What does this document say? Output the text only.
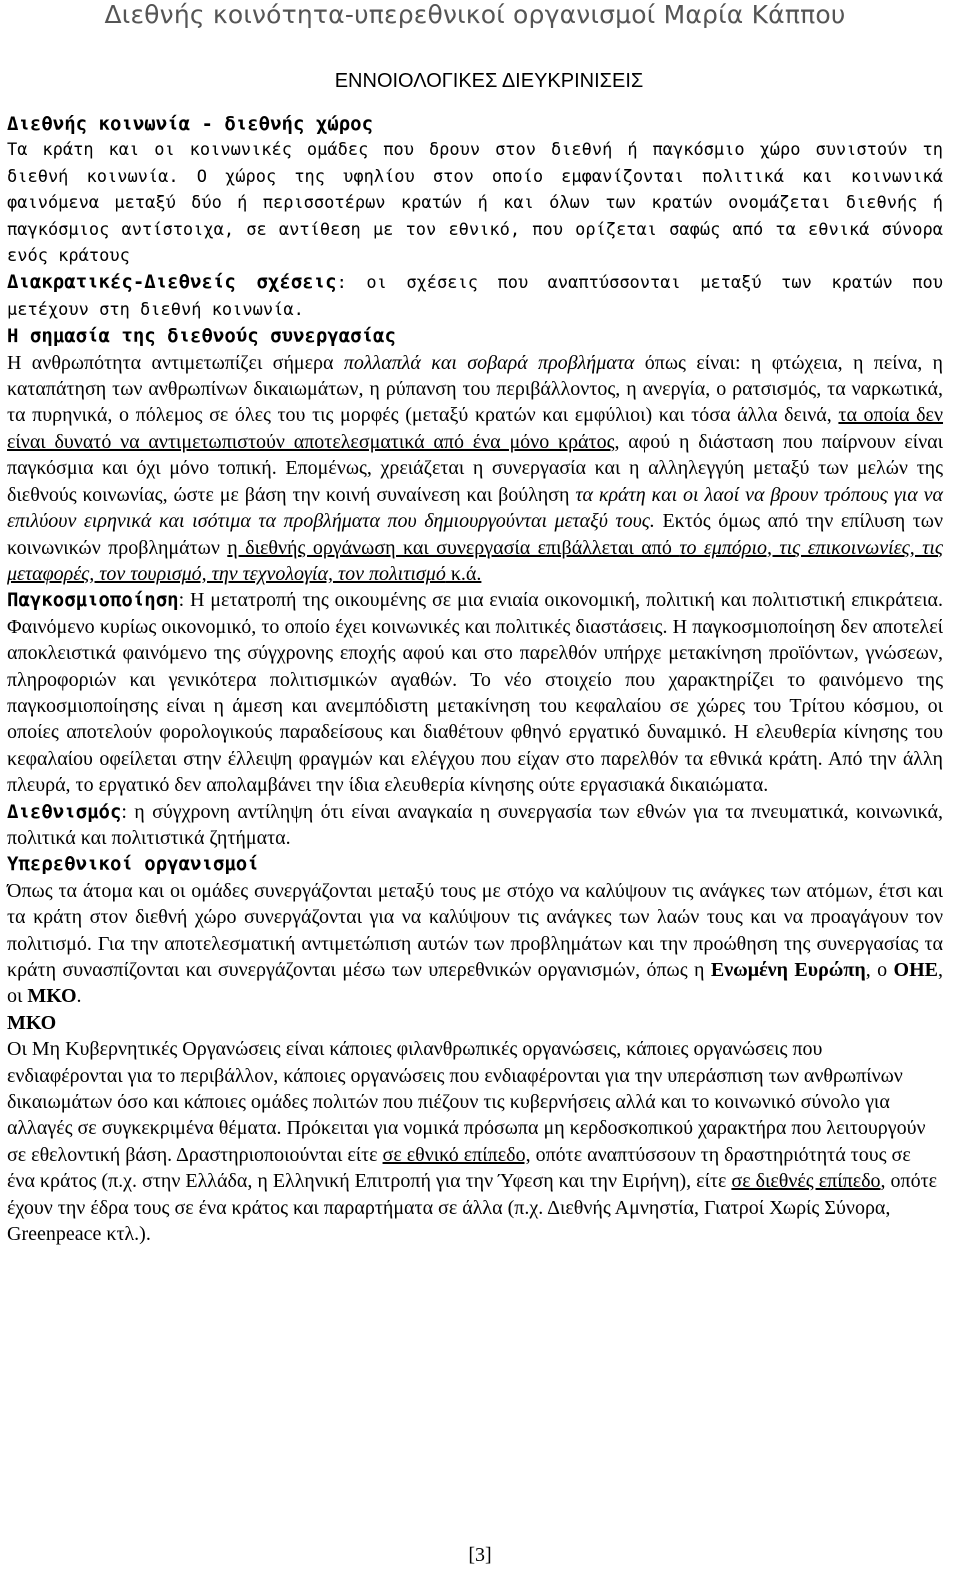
Διεθνής κοινότητα-υπερεθνικοί οργανισμοί Μαρία Κάππου
ΕΝΝΟΙΟΛΟΓΙΚΕΣ ΔΙΕΥΚΡΙΝΙΣΕΙΣ
Διεθνής κοινωνία - διεθνής χώρος

Τα κράτη και οι κοινωνικές ομάδες που δρουν στον διεθνή ή παγκόσμιο χώρο συνιστούν τη διεθνή κοινωνία. Ο χώρος της υφηλίου στον οποίο εμφανίζονται πολιτικά και κοινωνικά φαινόμενα μεταξύ δύο ή περισσοτέρων κρατών ή και όλων των κρατών ονομάζεται διεθνής ή παγκόσμιος αντίστοιχα, σε αντίθεση με τον εθνικό, που ορίζεται σαφώς από τα εθνικά σύνορα ενός κράτους

Διακρατικές-Διεθνείς σχέσεις: οι σχέσεις που αναπτύσσονται μεταξύ των κρατών που μετέχουν στη διεθνή κοινωνία.

Η σημασία της διεθνούς συνεργασίας

Η ανθρωπότητα αντιμετωπίζει σήμερα πολλαπλά και σοβαρά προβλήματα όπως είναι: η φτώχεια, η πείνα, η καταπάτηση των ανθρωπίνων δικαιωμάτων, η ρύπανση του περιβάλλοντος, η ανεργία, ο ρατσισμός, τα ναρκωτικά, τα πυρηνικά, ο πόλεμος σε όλες του τις μορφές (μεταξύ κρατών και εμφύλιοι) και τόσα άλλα δεινά, τα οποία δεν είναι δυνατό να αντιμετωπιστούν αποτελεσματικά από ένα μόνο κράτος, αφού η διάσταση που παίρνουν είναι παγκόσμια και όχι μόνο τοπική. Επομένως, χρειάζεται η συνεργασία και η αλληλεγγύη μεταξύ των μελών της διεθνούς κοινωνίας, ώστε με βάση την κοινή συναίνεση και βούληση τα κράτη και οι λαοί να βρουν τρόπους για να επιλύουν ειρηνικά και ισότιμα τα προβλήματα που δημιουργούνται μεταξύ τους. Εκτός όμως από την επίλυση των κοινωνικών προβλημάτων η διεθνής οργάνωση και συνεργασία επιβάλλεται από το εμπόριο, τις επικοινωνίες, τις μεταφορές, τον τουρισμό, την τεχνολογία, τον πολιτισμό κ.ά.

Παγκοσμιοποίηση: Η μετατροπή της οικουμένης σε μια ενιαία οικονομική, πολιτική και πολιτιστική επικράτεια. Φαινόμενο κυρίως οικονομικό, το οποίο έχει κοινωνικές και πολιτικές διαστάσεις. Η παγκοσμιοποίηση δεν αποτελεί αποκλειστικά φαινόμενο της σύγχρονης εποχής αφού και στο παρελθόν υπήρχε μετακίνηση προϊόντων, γνώσεων, πληροφοριών και γενικότερα πολιτισμικών αγαθών. Το νέο στοιχείο που χαρακτηρίζει το φαινόμενο της παγκοσμιοποίησης είναι η άμεση και ανεμπόδιστη μετακίνηση του κεφαλαίου σε χώρες του Τρίτου κόσμου, οι οποίες αποτελούν φορολογικούς παραδείσους και διαθέτουν φθηνό εργατικό δυναμικό. Η ελευθερία κίνησης του κεφαλαίου οφείλεται στην έλλειψη φραγμών και ελέγχου που είχαν στο παρελθόν τα εθνικά κράτη. Από την άλλη πλευρά, το εργατικό δεν απολαμβάνει την ίδια ελευθερία κίνησης ούτε εργασιακά δικαιώματα.

Διεθνισμός: η σύγχρονη αντίληψη ότι είναι αναγκαία η συνεργασία των εθνών για τα πνευματικά, κοινωνικά, πολιτικά και πολιτιστικά ζητήματα.

Υπερεθνικοί οργανισμοί

Όπως τα άτομα και οι ομάδες συνεργάζονται μεταξύ τους με στόχο να καλύψουν τις ανάγκες των ατόμων, έτσι και τα κράτη στον διεθνή χώρο συνεργάζονται για να καλύψουν τις ανάγκες των λαών τους και να προαγάγουν τον πολιτισμό. Για την αποτελεσματική αντιμετώπιση αυτών των προβλημάτων και την προώθηση της συνεργασίας τα κράτη συνασπίζονται και συνεργάζονται μέσω των υπερεθνικών οργανισμών, όπως η Ενωμένη Ευρώπη, ο ΟΗΕ, οι ΜΚΟ.

ΜΚΟ

Οι Μη Κυβερνητικές Οργανώσεις είναι κάποιες φιλανθρωπικές οργανώσεις, κάποιες οργανώσεις που ενδιαφέρονται για το περιβάλλον, κάποιες οργανώσεις που ενδιαφέρονται για την υπεράσπιση των ανθρωπίνων δικαιωμάτων όσο και κάποιες ομάδες πολιτών που πιέζουν τις κυβερνήσεις αλλά και το κοινωνικό σύνολο για αλλαγές σε συγκεκριμένα θέματα. Πρόκειται για νομικά πρόσωπα μη κερδοσκοπικού χαρακτήρα που λειτουργούν σε εθελοντική βάση. Δραστηριοποιούνται είτε σε εθνικό επίπεδο, οπότε αναπτύσσουν τη δραστηριότητά τους σε ένα κράτος (π.χ. στην Ελλάδα, η Ελληνική Επιτροπή για την Ύφεση και την Ειρήνη), είτε σε διεθνές επίπεδο, οπότε έχουν την έδρα τους σε ένα κράτος και παραρτήματα σε άλλα (π.χ. Διεθνής Αμνηστία, Γιατροί Χωρίς Σύνορα, Greenpeace κτλ.).

[3]
